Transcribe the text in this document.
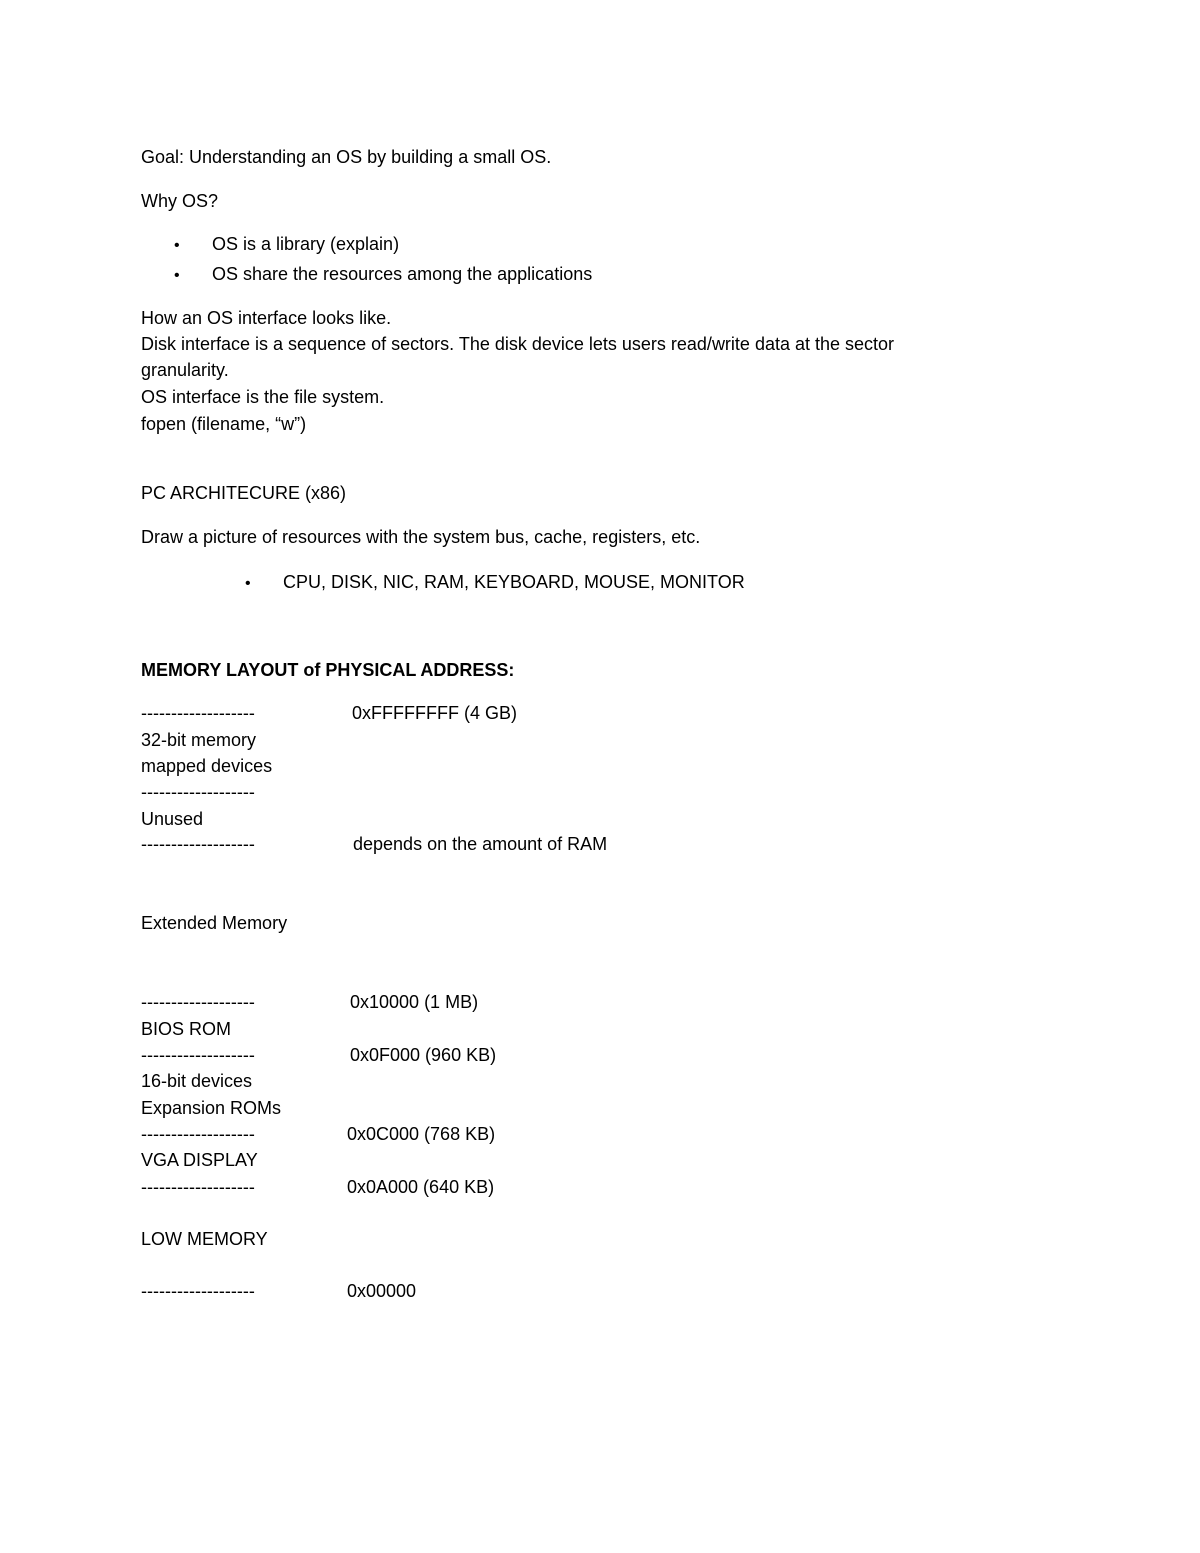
Goal: Understanding an OS by building a small OS.
Why OS?
• OS is a library (explain)
• OS share the resources among the applications
How an OS interface looks like.
Disk interface is a sequence of sectors. The disk device lets users read/write data at the sector
granularity.
OS interface is the file system.
fopen (filename, “w”)
PC ARCHITECURE (x86)
Draw a picture of resources with the system bus, cache, registers, etc.
• CPU, DISK, NIC, RAM, KEYBOARD, MOUSE, MONITOR
MEMORY LAYOUT of PHYSICAL ADDRESS:
-------------------	0xFFFFFFFF (4 GB)
32-bit memory
mapped devices
-------------------
Unused
-------------------	depends on the amount of RAM
Extended Memory
-------------------	0x10000 (1 MB)
BIOS ROM
-------------------	0x0F000 (960 KB)
16-bit devices
Expansion ROMs
-------------------	0x0C000 (768 KB)
VGA DISPLAY
-------------------	0x0A000 (640 KB)
LOW MEMORY
-------------------	0x00000
